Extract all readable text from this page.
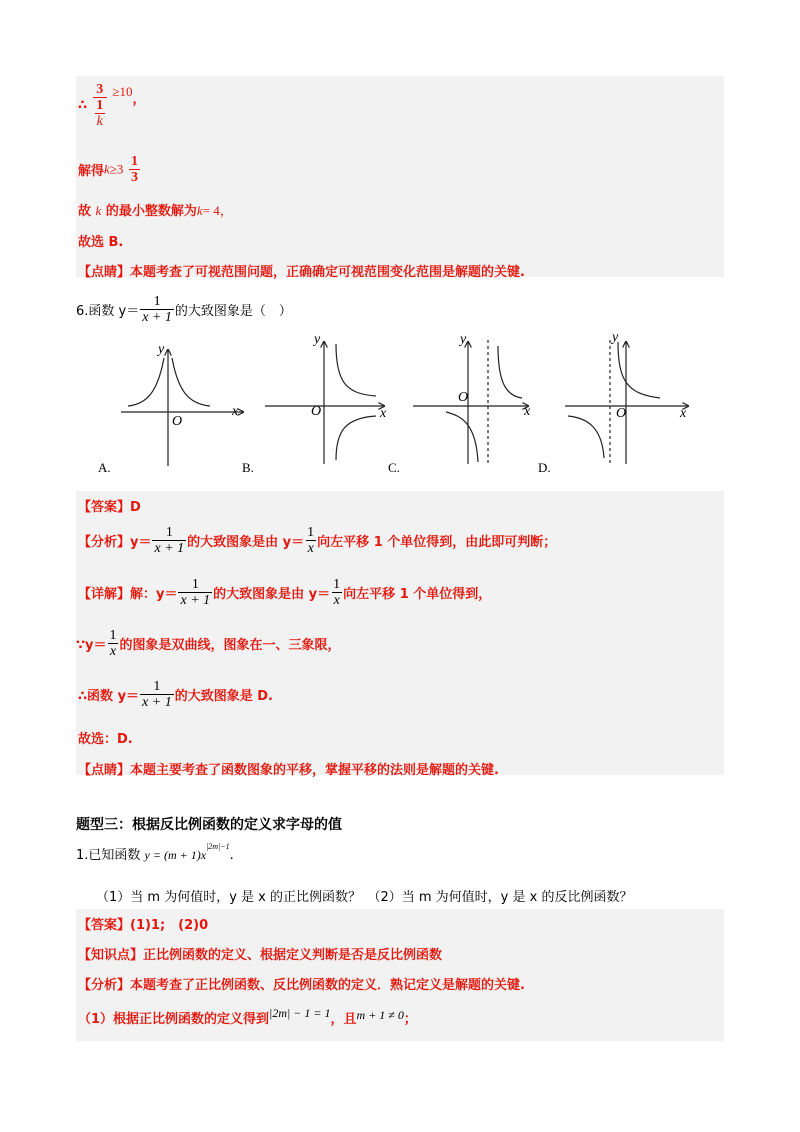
∴ 3
1
k ≥10，
解得$k\ge 3 \frac{1}{3}$
故 k 的最小整数解为k= 4，
故选 B.
【点睛】本题考查了可视范围问题，正确确定可视范围变化范围是解题的关键.
6.函数 $y= \frac{1}{x + 1}$ 的大致图象是（　）
y
x
O
A.
y
x
O
B.
y
x
O
C.
y
x
O
D.
【答案】D
【分析】$y= \frac{1}{x + 1}$ 的大致图象是由 $y= \frac{1}{x}$ 向左平移 1 个单位得到，由此即可判断；
【详解】解：$y= \frac{1}{x + 1}$ 的大致图象是由 $y= \frac{1}{x}$ 向左平移 1 个单位得到，
∵y＝ $\frac{1}{x}$ 的图象是双曲线，图象在一、三象限，
∴函数 $y= \frac{1}{x + 1}$ 的大致图象是 D.
故选：D.
【点睛】本题主要考查了函数图象的平移，掌握平移的法则是解题的关键.
题型三：根据反比例函数的定义求字母的值
1.已知函数 $y = (m + 1)x^{|2m|-1}$.
（1）当 m 为何值时，y 是 x 的正比例函数？　（2）当 m 为何值时，y 是 x 的反比例函数？
【答案】(1)1;　(2)0
【知识点】正比例函数的定义、根据定义判断是否是反比例函数
【分析】本题考查了正比例函数、反比例函数的定义．熟记定义是解题的关键.
（1）根据正比例函数的定义得到|2m| − 1 = 1，且m + 1 ≠ 0；
